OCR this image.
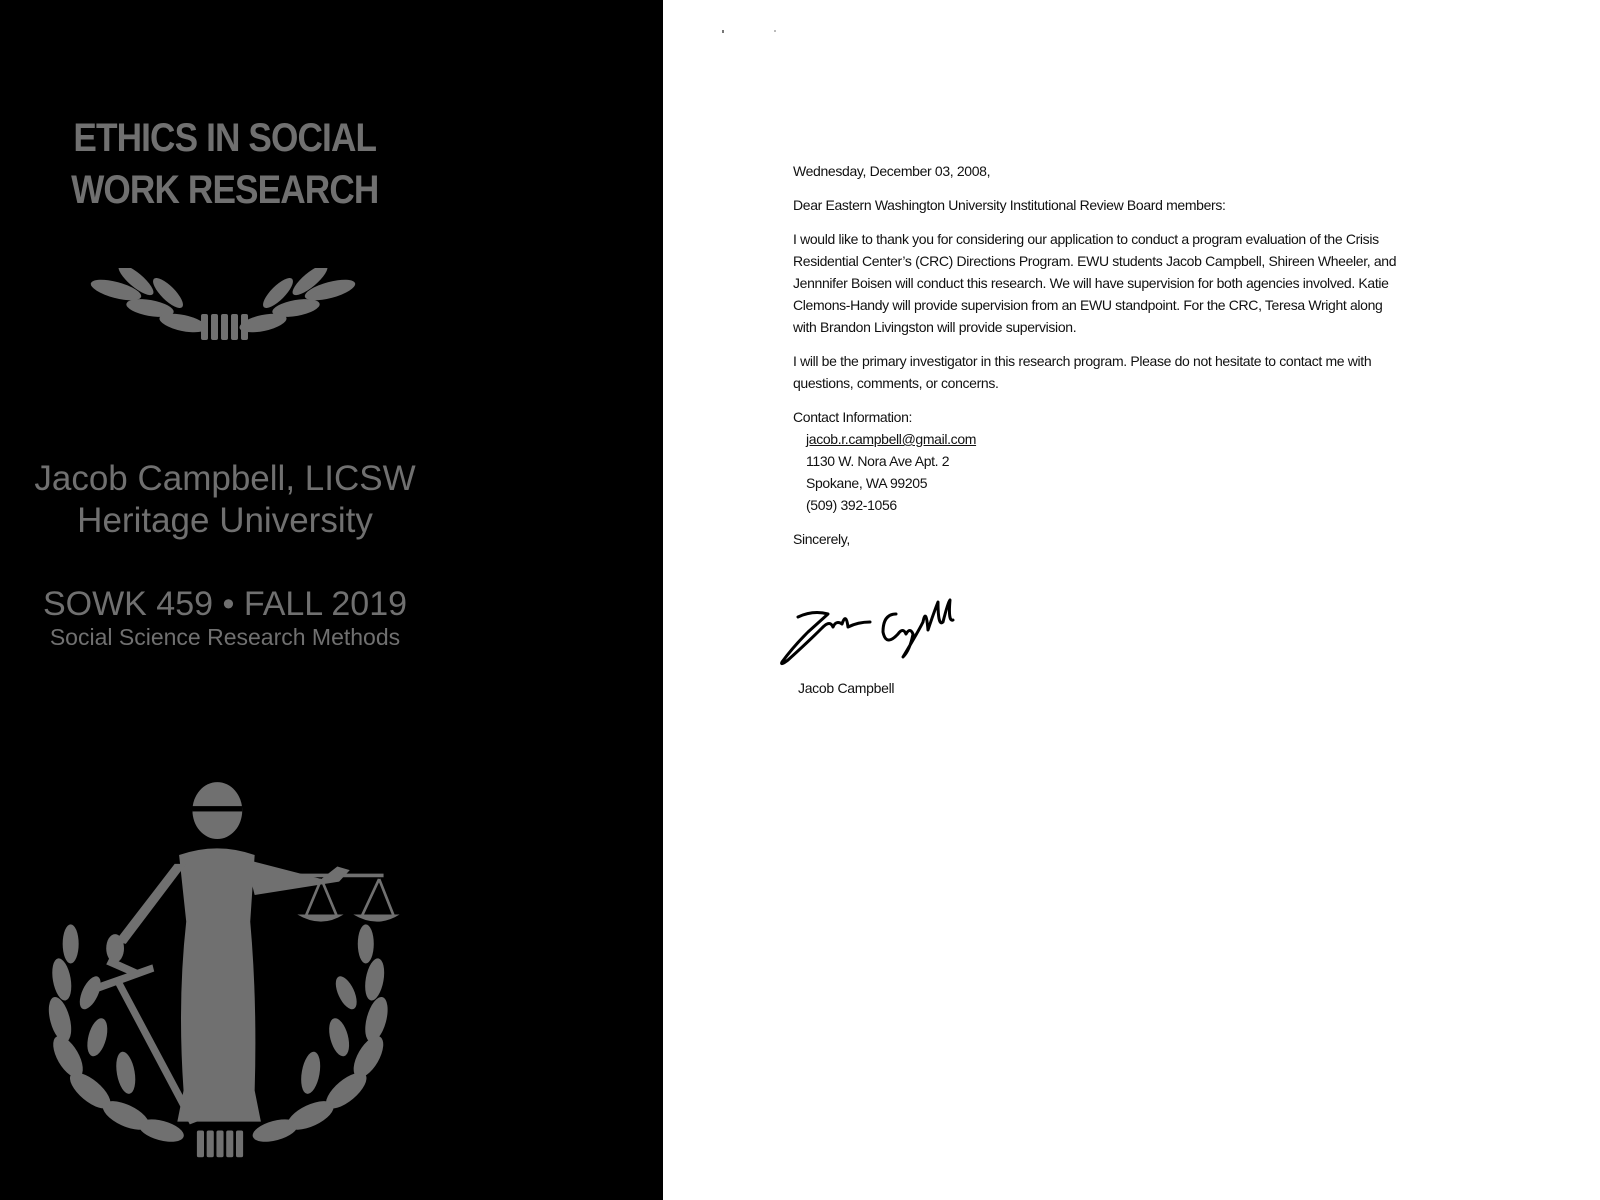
ETHICS IN SOCIAL
WORK RESEARCH
Jacob Campbell, LICSW
Heritage University
SOWK 459 • FALL 2019
Social Science Research Methods

Wednesday, December 03, 2008,

Dear Eastern Washington University Institutional Review Board members:

I would like to thank you for considering our application to conduct a program evaluation of the Crisis

Residential Center’s (CRC) Directions Program. EWU students Jacob Campbell, Shireen Wheeler, and

Jennnifer Boisen will conduct this research. We will have supervision for both agencies involved. Katie

Clemons-Handy will provide supervision from an EWU standpoint. For the CRC, Teresa Wright along

with Brandon Livingston will provide supervision.

I will be the primary investigator in this research program. Please do not hesitate to contact me with

questions, comments, or concerns.

Contact Information:

jacob.r.campbell@gmail.com

1130 W. Nora Ave Apt. 2

Spokane, WA 99205

(509) 392-1056

Sincerely,

Jacob Campbell
